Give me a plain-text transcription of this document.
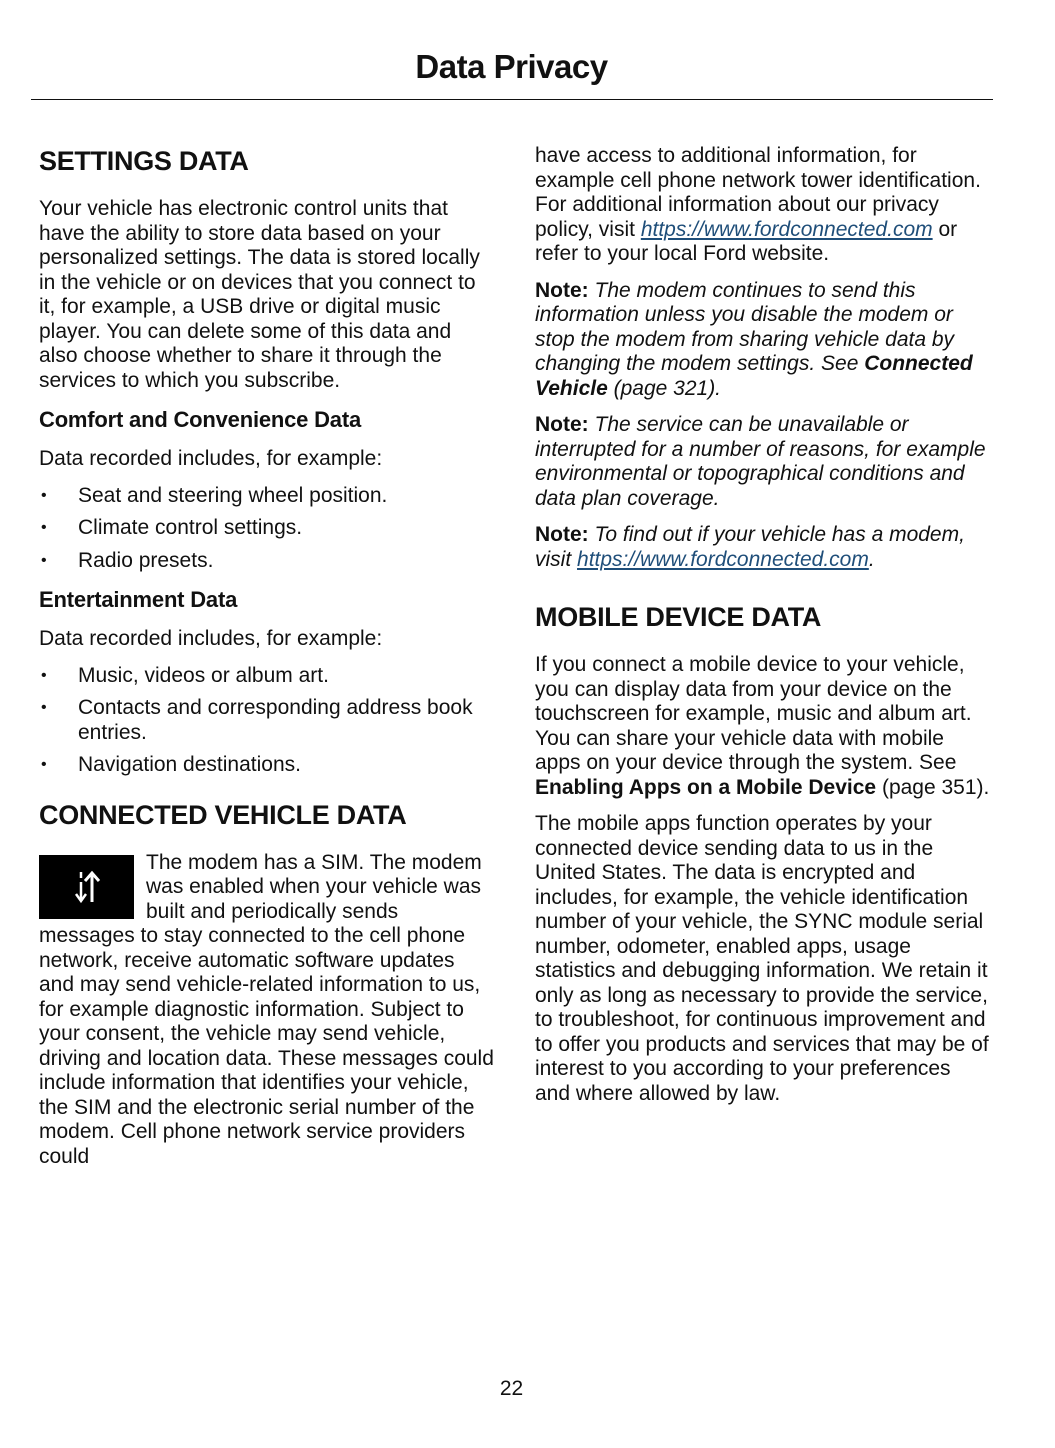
Data Privacy
SETTINGS DATA

Your vehicle has electronic control units that have the ability to store data based on your personalized settings. The data is stored locally in the vehicle or on devices that you connect to it, for example, a USB drive or digital music player. You can delete some of this data and also choose whether to share it through the services to which you subscribe.

Comfort and Convenience Data

Data recorded includes, for example:

• Seat and steering wheel position.
• Climate control settings.
• Radio presets.
Entertainment Data

Data recorded includes, for example:

• Music, videos or album art.
• Contacts and corresponding address book entries.
• Navigation destinations.
CONNECTED VEHICLE DATA

The modem has a SIM. The modem was enabled when your vehicle was built and periodically sends messages to stay connected to the cell phone network, receive automatic software updates and may send vehicle-related information to us, for example diagnostic information. Subject to your consent, the vehicle may send vehicle, driving and location data. These messages could include information that identifies your vehicle, the SIM and the electronic serial number of the modem. Cell phone network service providers could

have access to additional information, for example cell phone network tower identification. For additional information about our privacy policy, visit https://www.fordconnected.com or refer to your local Ford website.

Note: The modem continues to send this information unless you disable the modem or stop the modem from sharing vehicle data by changing the modem settings. See Connected Vehicle (page 321).

Note: The service can be unavailable or interrupted for a number of reasons, for example environmental or topographical conditions and data plan coverage.

Note: To find out if your vehicle has a modem, visit https://www.fordconnected.com.

MOBILE DEVICE DATA

If you connect a mobile device to your vehicle, you can display data from your device on the touchscreen for example, music and album art. You can share your vehicle data with mobile apps on your device through the system. See Enabling Apps on a Mobile Device (page 351).

The mobile apps function operates by your connected device sending data to us in the United States. The data is encrypted and includes, for example, the vehicle identification number of your vehicle, the SYNC module serial number, odometer, enabled apps, usage statistics and debugging information. We retain it only as long as necessary to provide the service, to troubleshoot, for continuous improvement and to offer you products and services that may be of interest to you according to your preferences and where allowed by law.

22
